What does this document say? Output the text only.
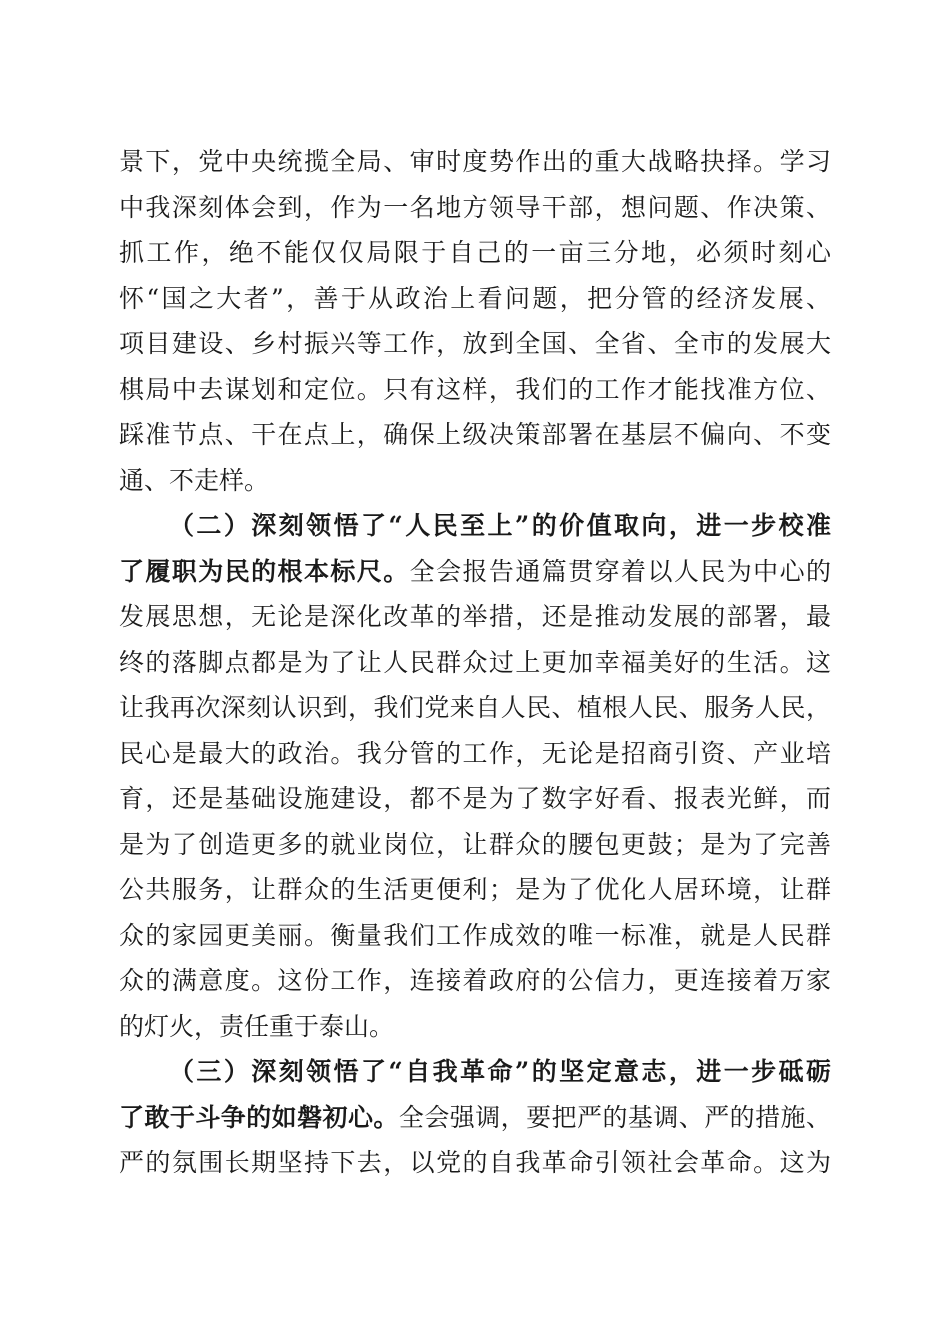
景下，党中央统揽全局、审时度势作出的重大战略抉择。学习
中我深刻体会到，作为一名地方领导干部，想问题、作决策、
抓工作，绝不能仅仅局限于自己的一亩三分地，必须时刻心
怀“国之大者”，善于从政治上看问题，把分管的经济发展、
项目建设、乡村振兴等工作，放到全国、全省、全市的发展大
棋局中去谋划和定位。只有这样，我们的工作才能找准方位、
踩准节点、干在点上，确保上级决策部署在基层不偏向、不变
通、不走样。
（二）深刻领悟了“人民至上”的价值取向，进一步校准
了履职为民的根本标尺。全会报告通篇贯穿着以人民为中心的
发展思想，无论是深化改革的举措，还是推动发展的部署，最
终的落脚点都是为了让人民群众过上更加幸福美好的生活。这
让我再次深刻认识到，我们党来自人民、植根人民、服务人民，
民心是最大的政治。我分管的工作，无论是招商引资、产业培
育，还是基础设施建设，都不是为了数字好看、报表光鲜，而
是为了创造更多的就业岗位，让群众的腰包更鼓；是为了完善
公共服务，让群众的生活更便利；是为了优化人居环境，让群
众的家园更美丽。衡量我们工作成效的唯一标准，就是人民群
众的满意度。这份工作，连接着政府的公信力，更连接着万家
的灯火，责任重于泰山。
（三）深刻领悟了“自我革命”的坚定意志，进一步砥砺
了敢于斗争的如磐初心。全会强调，要把严的基调、严的措施、
严的氛围长期坚持下去，以党的自我革命引领社会革命。这为
